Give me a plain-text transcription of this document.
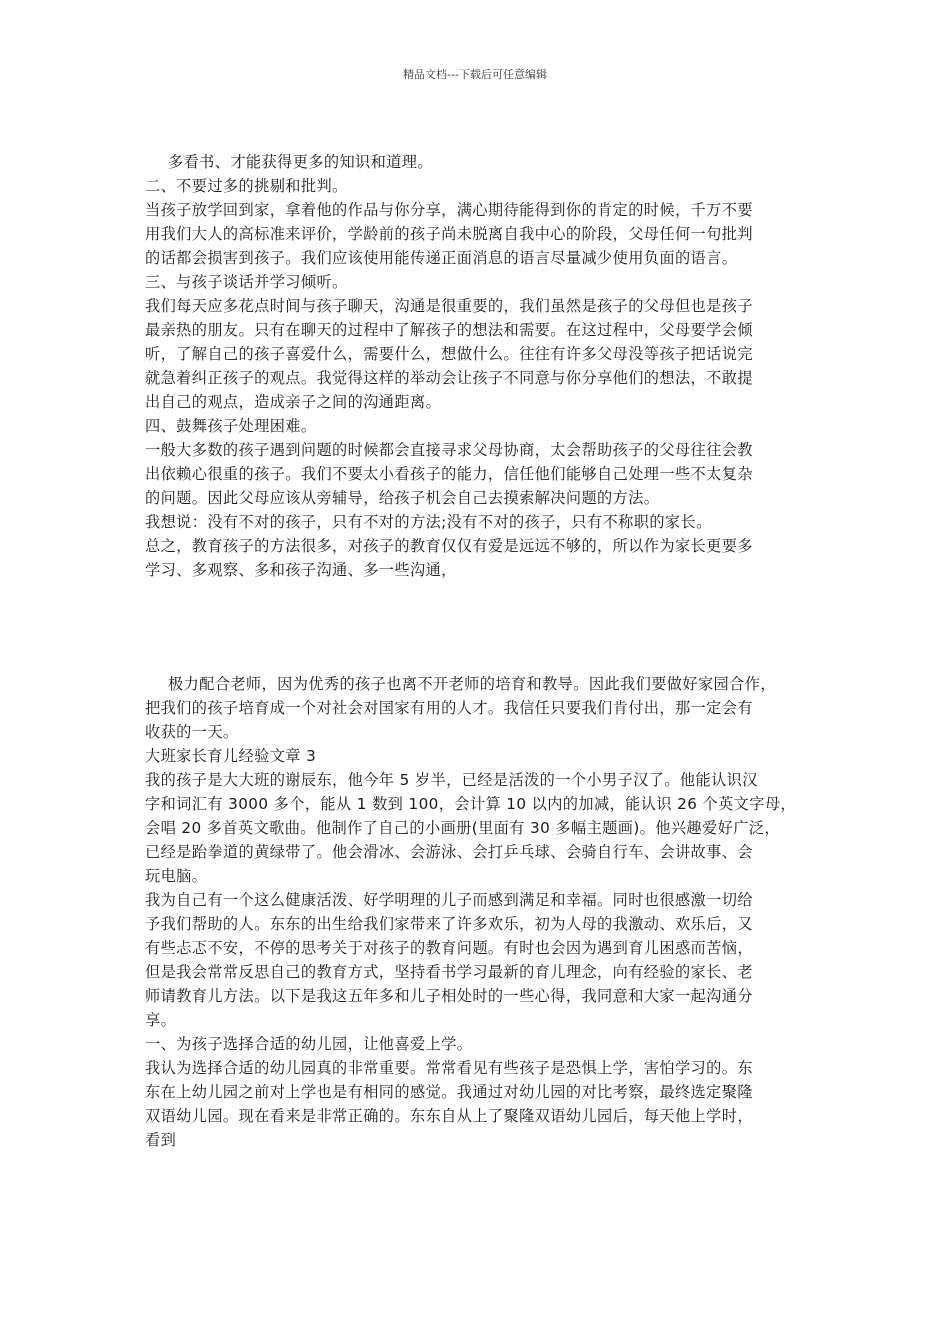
精品文档---下载后可任意编辑

多看书、才能获得更多的知识和道理。

二、不要过多的挑剔和批判。

当孩子放学回到家，拿着他的作品与你分享，满心期待能得到你的肯定的时候，千万不要

用我们大人的高标准来评价，学龄前的孩子尚未脱离自我中心的阶段，父母任何一句批判

的话都会损害到孩子。我们应该使用能传递正面消息的语言尽量减少使用负面的语言。

三、与孩子谈话并学习倾听。

我们每天应多花点时间与孩子聊天，沟通是很重要的，我们虽然是孩子的父母但也是孩子

最亲热的朋友。只有在聊天的过程中了解孩子的想法和需要。在这过程中，父母要学会倾

听，了解自己的孩子喜爱什么，需要什么，想做什么。往往有许多父母没等孩子把话说完

就急着纠正孩子的观点。我觉得这样的举动会让孩子不同意与你分享他们的想法，不敢提

出自己的观点，造成亲子之间的沟通距离。

四、鼓舞孩子处理困难。

一般大多数的孩子遇到问题的时候都会直接寻求父母协商，太会帮助孩子的父母往往会教

出依赖心很重的孩子。我们不要太小看孩子的能力，信任他们能够自己处理一些不太复杂

的问题。因此父母应该从旁辅导，给孩子机会自己去摸索解决问题的方法。

我想说：没有不对的孩子，只有不对的方法;没有不对的孩子，只有不称职的家长。

总之，教育孩子的方法很多，对孩子的教育仅仅有爱是远远不够的，所以作为家长更要多

学习、多观察、多和孩子沟通、多一些沟通，

极力配合老师，因为优秀的孩子也离不开老师的培育和教导。因此我们要做好家园合作，

把我们的孩子培育成一个对社会对国家有用的人才。我信任只要我们肯付出，那一定会有

收获的一天。

大班家长育儿经验文章 3

我的孩子是大大班的谢辰东，他今年 5 岁半，已经是活泼的一个小男子汉了。他能认识汉

字和词汇有 3000 多个，能从 1 数到 100，会计算 10 以内的加减，能认识 26 个英文字母，

会唱 20 多首英文歌曲。他制作了自己的小画册(里面有 30 多幅主题画)。他兴趣爱好广泛，

已经是跆拳道的黄绿带了。他会滑冰、会游泳、会打乒乓球、会骑自行车、会讲故事、会

玩电脑。

我为自己有一个这么健康活泼、好学明理的儿子而感到满足和幸福。同时也很感激一切给

予我们帮助的人。东东的出生给我们家带来了许多欢乐，初为人母的我激动、欢乐后，又

有些忐忑不安，不停的思考关于对孩子的教育问题。有时也会因为遇到育儿困惑而苦恼，

但是我会常常反思自己的教育方式，坚持看书学习最新的育儿理念，向有经验的家长、老

师请教育儿方法。以下是我这五年多和儿子相处时的一些心得，我同意和大家一起沟通分

享。

一、为孩子选择合适的幼儿园，让他喜爱上学。

我认为选择合适的幼儿园真的非常重要。常常看见有些孩子是恐惧上学，害怕学习的。东

东在上幼儿园之前对上学也是有相同的感觉。我通过对幼儿园的对比考察，最终选定聚隆

双语幼儿园。现在看来是非常正确的。东东自从上了聚隆双语幼儿园后，每天他上学时，

看到
